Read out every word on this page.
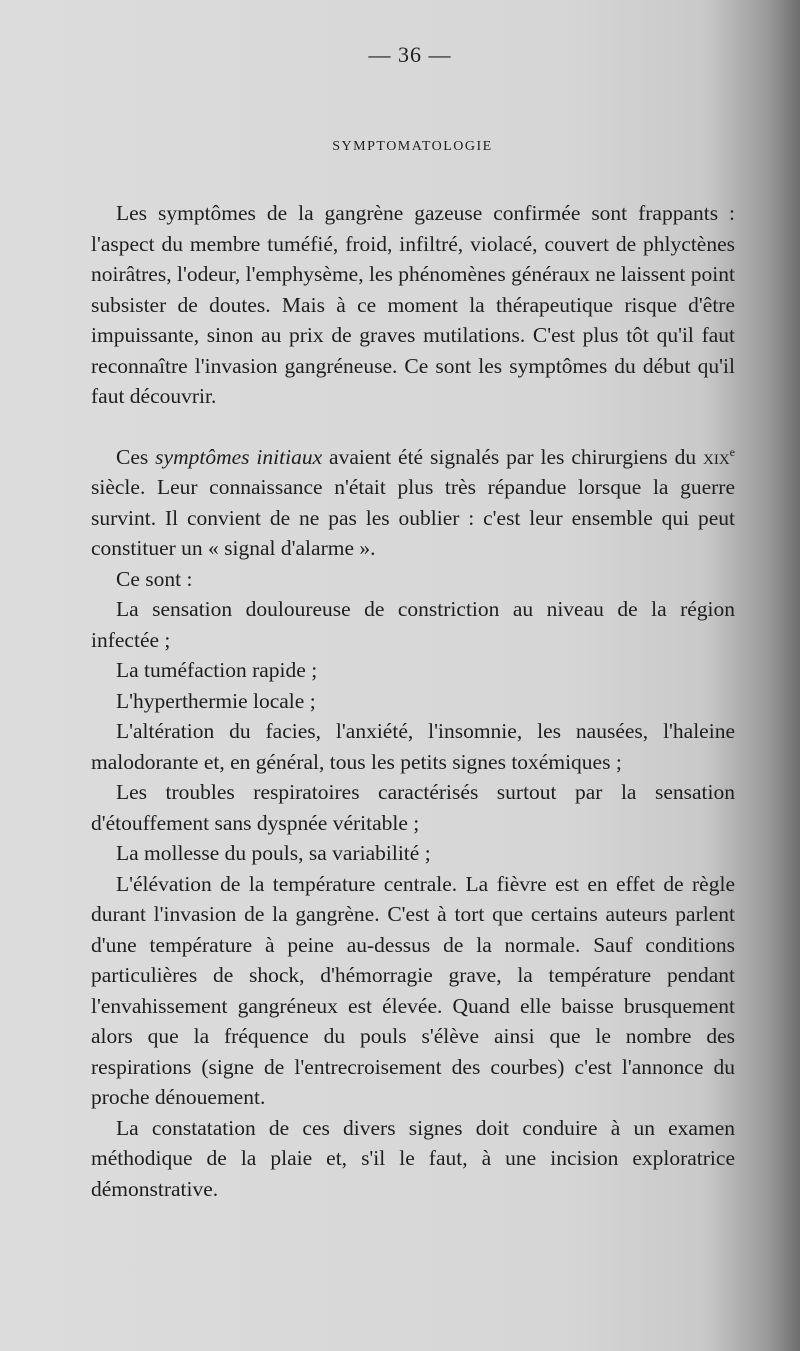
— 36 —
SYMPTOMATOLOGIE

Les symptômes de la gangrène gazeuse confirmée sont frappants : l'aspect du membre tuméfié, froid, infiltré, violacé, couvert de phlyctènes noirâtres, l'odeur, l'emphysème, les phénomènes généraux ne laissent point subsister de doutes. Mais à ce moment la thérapeutique risque d'être impuissante, sinon au prix de graves mutilations. C'est plus tôt qu'il faut reconnaître l'invasion gangréneuse. Ce sont les symptômes du début qu'il faut découvrir.

Ces symptômes initiaux avaient été signalés par les chirurgiens du xix$^e$ siècle. Leur connaissance n'était plus très répandue lorsque la guerre survint. Il convient de ne pas les oublier : c'est leur ensemble qui peut constituer un « signal d'alarme ».

Ce sont :

La sensation douloureuse de constriction au niveau de la région infectée ;

La tuméfaction rapide ;

L'hyperthermie locale ;

L'altération du facies, l'anxiété, l'insomnie, les nausées, l'haleine malodorante et, en général, tous les petits signes toxémiques ;

Les troubles respiratoires caractérisés surtout par la sensation d'étouffement sans dyspnée véritable ;

La mollesse du pouls, sa variabilité ;

L'élévation de la température centrale. La fièvre est en effet de règle durant l'invasion de la gangrène. C'est à tort que certains auteurs parlent d'une température à peine au-dessus de la normale. Sauf conditions particulières de shock, d'hémorragie grave, la température pendant l'envahissement gangréneux est élevée. Quand elle baisse brusquement alors que la fréquence du pouls s'élève ainsi que le nombre des respirations (signe de l'entrecroisement des courbes) c'est l'annonce du proche dénouement.

La constatation de ces divers signes doit conduire à un examen méthodique de la plaie et, s'il le faut, à une incision exploratrice démonstrative.
